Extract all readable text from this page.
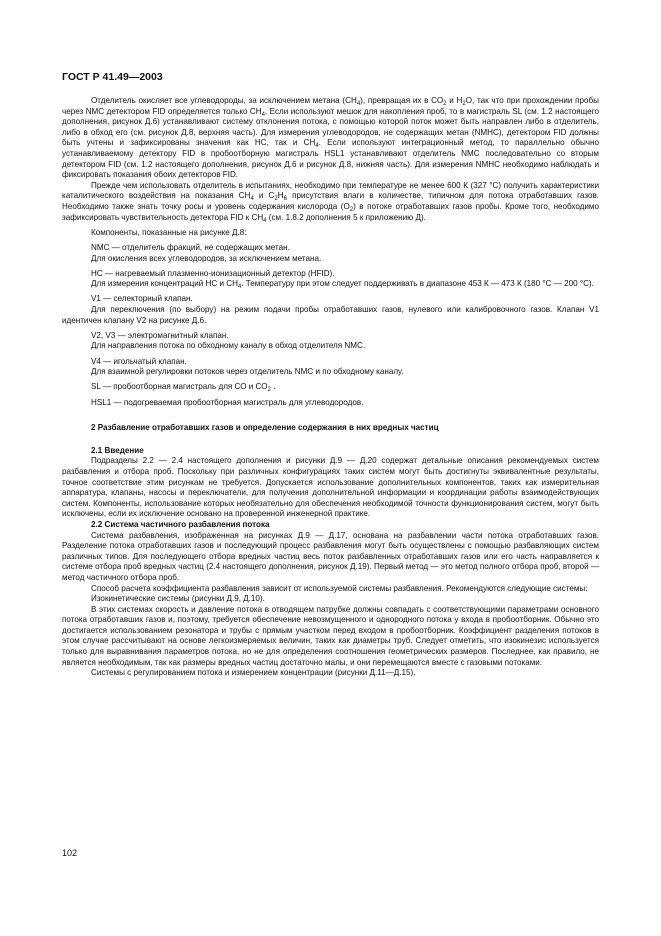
ГОСТ Р 41.49—2003

Отделитель окисляет все углеводороды, за исключением метана $(СН_4)$, превращая их в $СО_2$ и $Н_2О$, так что при прохождении пробы через NMC детектором FID определяется только $СН_4$. Если используют мешок для накопления проб, то в магистраль SL (см. 1.2 настоящего дополнения, рисунок Д.6) устанавливают систему отклонения потока, с помощью которой поток может быть направлен либо в отделитель, либо в обход его (см. рисунок Д.8, верхняя часть). Для измерения углеводородов, не содержащих метан (NMHC), детектором FID должны быть учтены и зафиксированы значения как НС, так и $СН_4$. Если используют интеграционный метод, то параллельно обычно устанавливаемому детектору FID в пробоотборную магистраль HSL1 устанавливают отделитель NMC последовательно со вторым детектором FID (см. 1.2 настоящего дополнения, рисунок Д.6 и рисунок Д.8, нижняя часть). Для измерения NMHC необходимо наблюдать и фиксировать показания обоих детекторов FID.

Прежде чем использовать отделитель в испытаниях, необходимо при температуре не менее 600 К (327 °С) получить характеристики каталитического воздействия на показания $СН_4$ и $С_2Н_6$ присутствия влаги в количестве, типичном для потока отработавших газов. Необходимо также знать точку росы и уровень содержания кислорода $(О_2)$ в потоке отработавших газов пробы. Кроме того, необходимо зафиксировать чувствительность детектора FID к $СН_4$ (см. 1.8.2 дополнения 5 к приложению Д).

Компоненты, показанные на рисунке Д.8:

NMC — отделитель фракций, не содержащих метан.

Для окисления всех углеводородов, за исключением метана.

НС — нагреваемый плазменно-ионизационный детектор (HFID).

Для измерения концентраций НС и $СН_4$. Температуру при этом следует поддерживать в диапазоне 453 К — 473 К (180 °С — 200 °С).

V1 — селекторный клапан.

Для переключения (по выбору) на режим подачи пробы отработавших газов, нулевого или калибровочного газов. Клапан V1 идентичен клапану V2 на рисунке Д.6.

V2, V3 — электромагнитный клапан.

Для направления потока по обходному каналу в обход отделителя NMC.

V4 — игольчатый клапан.

Для взаимной регулировки потоков через отделитель NMC и по обходному каналу.

SL — пробоотборная магистраль для СО и $СО_2$ .

HSL1 — подогреваемая пробоотборная магистраль для углеводородов.

2 Разбавление отработавших газов и определение содержания в них вредных частиц
2.1 Введение

Подразделы 2.2 — 2.4 настоящего дополнения и рисунки Д.9 — Д.20 содержат детальные описания рекомендуемых систем разбавления и отбора проб. Поскольку при различных конфигурациях таких систем могут быть достигнуты эквивалентные результаты, точное соответствие этим рисункам не требуется. Допускается использование дополнительных компонентов, таких как измерительная аппаратура, клапаны, насосы и переключатели, для получения дополнительной информации и координации работы взаимодействующих систем. Компоненты, использование которых необязательно для обеспечения необходимой точности функционирования систем, могут быть исключены, если их исключение основано на проверенной инженерной практике.

2.2 Система частичного разбавления потока

Система разбавления, изображенная на рисунках Д.9 — Д.17, основана на разбавлении части потока отработавших газов. Разделение потока отработавших газов и последующий процесс разбавления могут быть осуществлены с помощью разбавляющих систем различных типов. Для последующего отбора вредных частиц весь поток разбавленных отработавших газов или его часть направляется к системе отбора проб вредных частиц (2.4 настоящего дополнения, рисунок Д.19). Первый метод — это метод полного отбора проб, второй — метод частичного отбора проб.

Способ расчета коэффициента разбавления зависит от используемой системы разбавления. Рекомендуются следующие системы:

Изокинетические системы (рисунки Д.9, Д.10).

В этих системах скорость и давление потока в отводящем патрубке должны совпадать с соответствующими параметрами основного потока отработавших газов и, поэтому, требуется обеспечение невозмущенного и однородного потока у входа в пробоотборник. Обычно это достигается использованием резонатора и трубы с прямым участком перед входом в пробоотборник. Коэффициент разделения потоков в этом случае рассчитывают на основе легкоизмеряемых величин, таких как диаметры труб. Следует отметить, что изокинезис используется только для выравнивания параметров потока, но не для определения соотношения геометрических размеров. Последнее, как правило, не является необходимым, так как размеры вредных частиц достаточно малы, и они перемещаются вместе с газовыми потоками.

Системы с регулированием потока и измерением концентрации (рисунки Д.11—Д.15).

102
